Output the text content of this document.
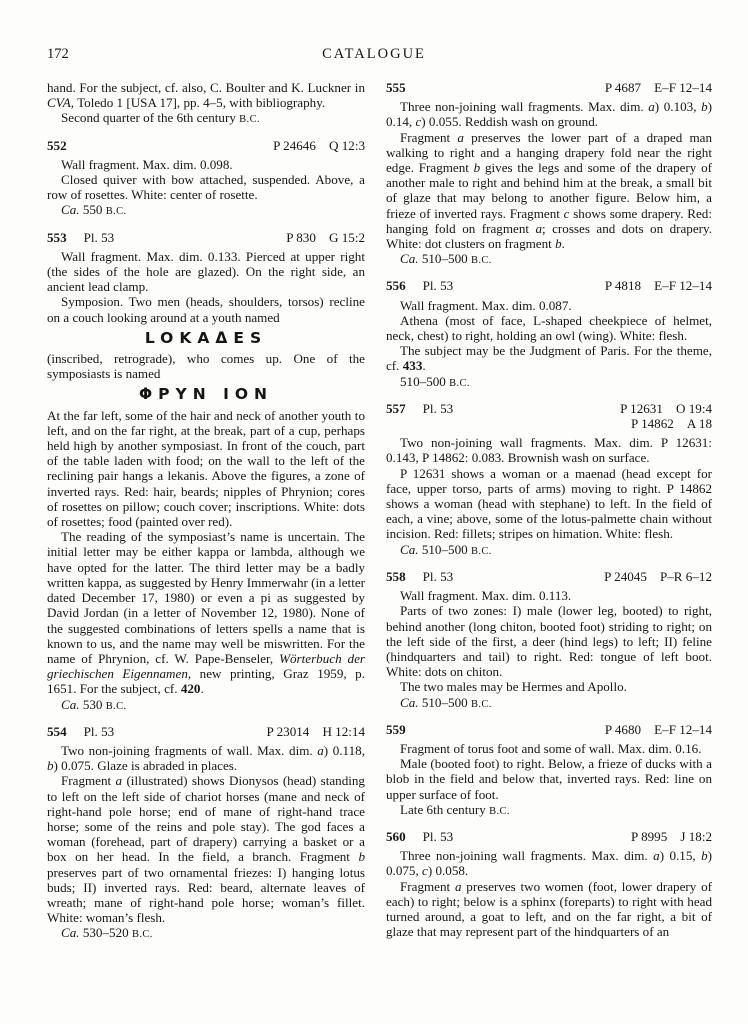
172	CATALOGUE

hand. For the subject, cf. also, C. Boulter and K. Luckner in CVA, Toledo 1 [USA 17], pp. 4–5, with bibliography.

Second quarter of the 6th century B.C.

552	P 24646 Q 12:3

Wall fragment. Max. dim. 0.098.

Closed quiver with bow attached, suspended. Above, a row of rosettes. White: center of rosette.

Ca. 550 B.C.

553 Pl. 53	P 830 G 15:2

Wall fragment. Max. dim. 0.133. Pierced at upper right (the sides of the hole are glazed). On the right side, an ancient lead clamp.

Symposion. Two men (heads, shoulders, torsos) recline on a couch looking around at a youth named

LOKAΔES

(inscribed, retrograde), who comes up. One of the symposiasts is named

ΦPYN ION

At the far left, some of the hair and neck of another youth to left, and on the far right, at the break, part of a cup, perhaps held high by another symposiast. In front of the couch, part of the table laden with food; on the wall to the left of the reclining pair hangs a lekanis. Above the figures, a zone of inverted rays. Red: hair, beards; nipples of Phrynion; cores of rosettes on pillow; couch cover; inscriptions. White: dots of rosettes; food (painted over red).

The reading of the symposiast’s name is uncertain. The initial letter may be either kappa or lambda, although we have opted for the latter. The third letter may be a badly written kappa, as suggested by Henry Immerwahr (in a letter dated December 17, 1980) or even a pi as suggested by David Jordan (in a letter of November 12, 1980). None of the suggested combinations of letters spells a name that is known to us, and the name may well be miswritten. For the name of Phrynion, cf. W. Pape-Benseler, Wörterbuch der griechischen Eigennamen, new printing, Graz 1959, p. 1651. For the subject, cf. 420.

Ca. 530 B.C.

554 Pl. 53	P 23014 H 12:14

Two non-joining fragments of wall. Max. dim. a) 0.118, b) 0.075. Glaze is abraded in places.

Fragment a (illustrated) shows Dionysos (head) standing to left on the left side of chariot horses (mane and neck of right-hand pole horse; end of mane of right-hand trace horse; some of the reins and pole stay). The god faces a woman (forehead, part of drapery) carrying a basket or a box on her head. In the field, a branch. Fragment b preserves part of two ornamental friezes: I) hanging lotus buds; II) inverted rays. Red: beard, alternate leaves of wreath; mane of right-hand pole horse; woman’s fillet. White: woman’s flesh.

Ca. 530–520 B.C.

555	P 4687 E–F 12–14

Three non-joining wall fragments. Max. dim. a) 0.103, b) 0.14, c) 0.055. Reddish wash on ground.

Fragment a preserves the lower part of a draped man walking to right and a hanging drapery fold near the right edge. Fragment b gives the legs and some of the drapery of another male to right and behind him at the break, a small bit of glaze that may belong to another figure. Below him, a frieze of inverted rays. Fragment c shows some drapery. Red: hanging fold on fragment a; crosses and dots on drapery. White: dot clusters on fragment b.

Ca. 510–500 B.C.

556 Pl. 53	P 4818 E–F 12–14

Wall fragment. Max. dim. 0.087.

Athena (most of face, L-shaped cheekpiece of helmet, neck, chest) to right, holding an owl (wing). White: flesh.

The subject may be the Judgment of Paris. For the theme, cf. 433.

510–500 B.C.

557 Pl. 53	P 12631 O 19:4
P 14862 A 18

Two non-joining wall fragments. Max. dim. P 12631: 0.143, P 14862: 0.083. Brownish wash on surface.

P 12631 shows a woman or a maenad (head except for face, upper torso, parts of arms) moving to right. P 14862 shows a woman (head with stephane) to left. In the field of each, a vine; above, some of the lotus-palmette chain without incision. Red: fillets; stripes on himation. White: flesh.

Ca. 510–500 B.C.

558 Pl. 53	P 24045 P–R 6–12

Wall fragment. Max. dim. 0.113.

Parts of two zones: I) male (lower leg, booted) to right, behind another (long chiton, booted foot) striding to right; on the left side of the first, a deer (hind legs) to left; II) feline (hindquarters and tail) to right. Red: tongue of left boot. White: dots on chiton.

The two males may be Hermes and Apollo.

Ca. 510–500 B.C.

559	P 4680 E–F 12–14

Fragment of torus foot and some of wall. Max. dim. 0.16.

Male (booted foot) to right. Below, a frieze of ducks with a blob in the field and below that, inverted rays. Red: line on upper surface of foot.

Late 6th century B.C.

560 Pl. 53	P 8995 J 18:2

Three non-joining wall fragments. Max. dim. a) 0.15, b) 0.075, c) 0.058.

Fragment a preserves two women (foot, lower drapery of each) to right; below is a sphinx (foreparts) to right with head turned around, a goat to left, and on the far right, a bit of glaze that may represent part of the hindquarters of an
